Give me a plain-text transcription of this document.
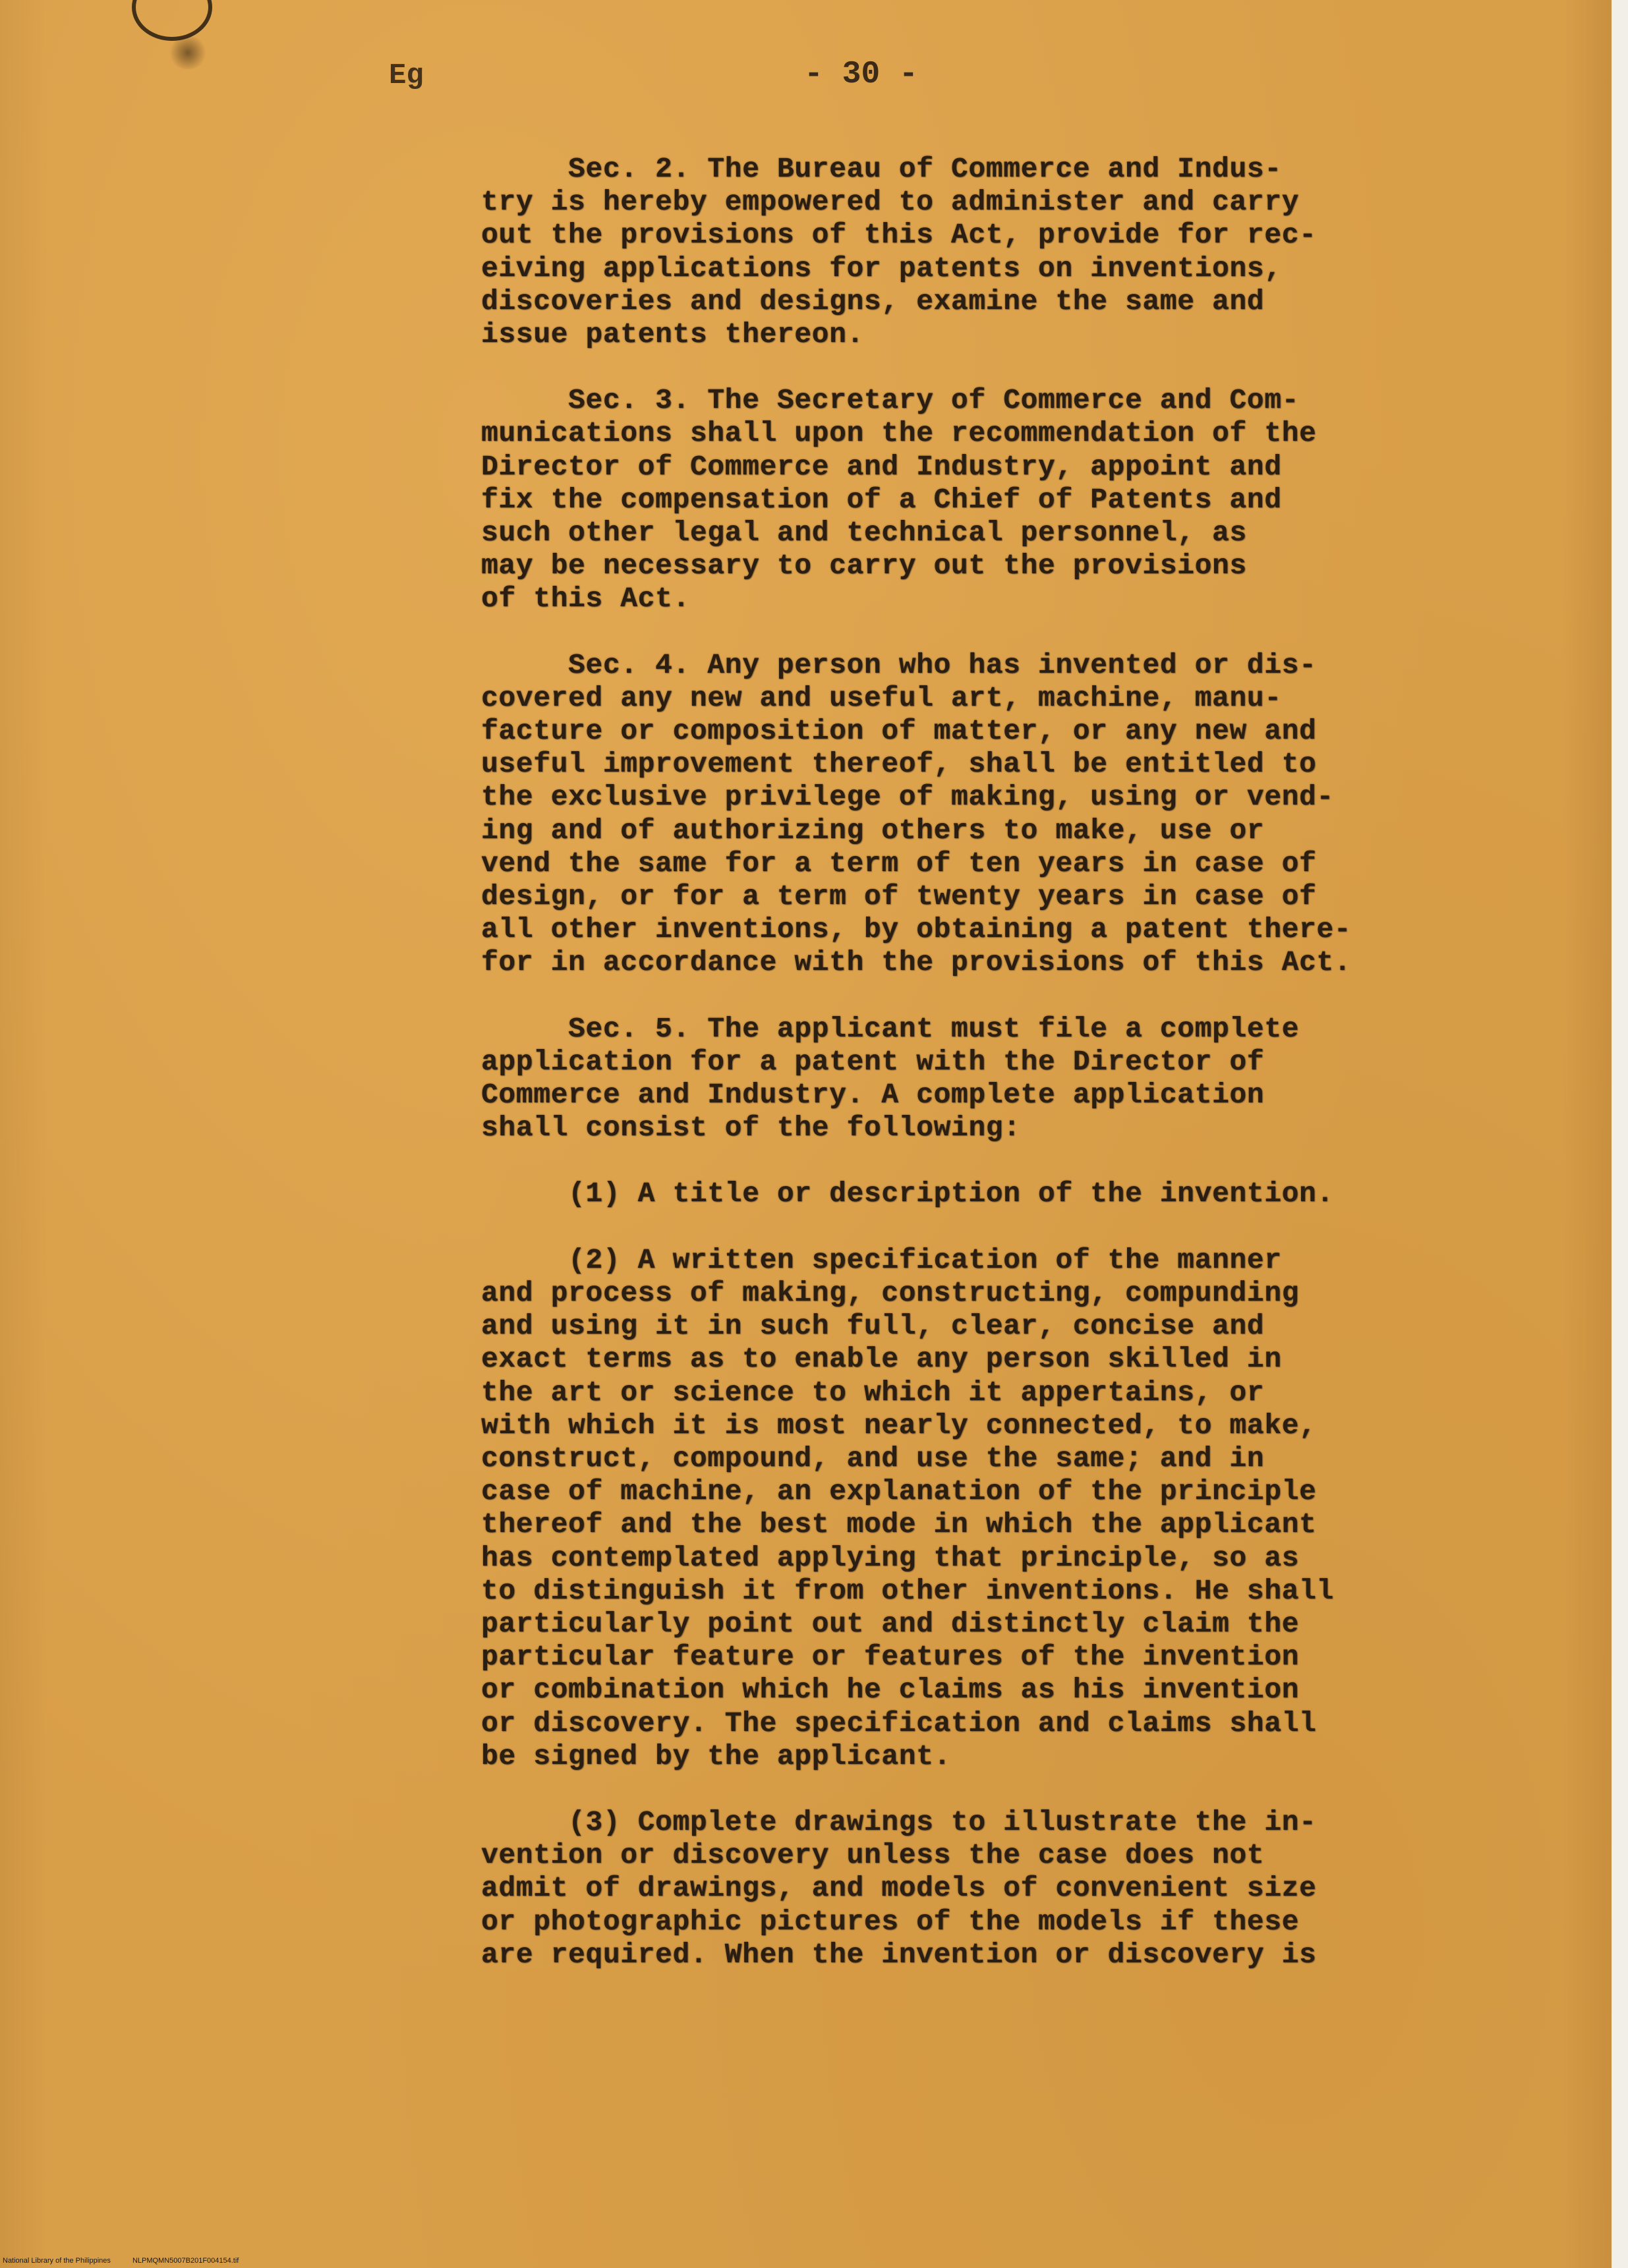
Eg	- 30 -
Sec. 2. The Bureau of Commerce and Indus-
try is hereby empowered to administer and carry
out the provisions of this Act, provide for rec-
eiving applications for patents on inventions,
discoveries and designs, examine the same and
issue patents thereon.
Sec. 3. The Secretary of Commerce and Com-
munications shall upon the recommendation of the
Director of Commerce and Industry, appoint and
fix the compensation of a Chief of Patents and
such other legal and technical personnel, as
may be necessary to carry out the provisions
of this Act.
Sec. 4. Any person who has invented or dis-
covered any new and useful art, machine, manu-
facture or composition of matter, or any new and
useful improvement thereof, shall be entitled to
the exclusive privilege of making, using or vend-
ing and of authorizing others to make, use or
vend the same for a term of ten years in case of
design, or for a term of twenty years in case of
all other inventions, by obtaining a patent there-
for in accordance with the provisions of this Act.
Sec. 5. The applicant must file a complete
application for a patent with the Director of
Commerce and Industry. A complete application
shall consist of the following:
(1) A title or description of the invention.
(2) A written specification of the manner
and process of making, constructing, compunding
and using it in such full, clear, concise and
exact terms as to enable any person skilled in
the art or science to which it appertains, or
with which it is most nearly connected, to make,
construct, compound, and use the same; and in
case of machine, an explanation of the principle
thereof and the best mode in which the applicant
has contemplated applying that principle, so as
to distinguish it from other inventions. He shall
particularly point out and distinctly claim the
particular feature or features of the invention
or combination which he claims as his invention
or discovery. The specification and claims shall
be signed by the applicant.
(3) Complete drawings to illustrate the in-
vention or discovery unless the case does not
admit of drawings, and models of convenient size
or photographic pictures of the models if these
are required. When the invention or discovery is
National Library of the Philippines	NLPMQMN5007B201F004154.tif
